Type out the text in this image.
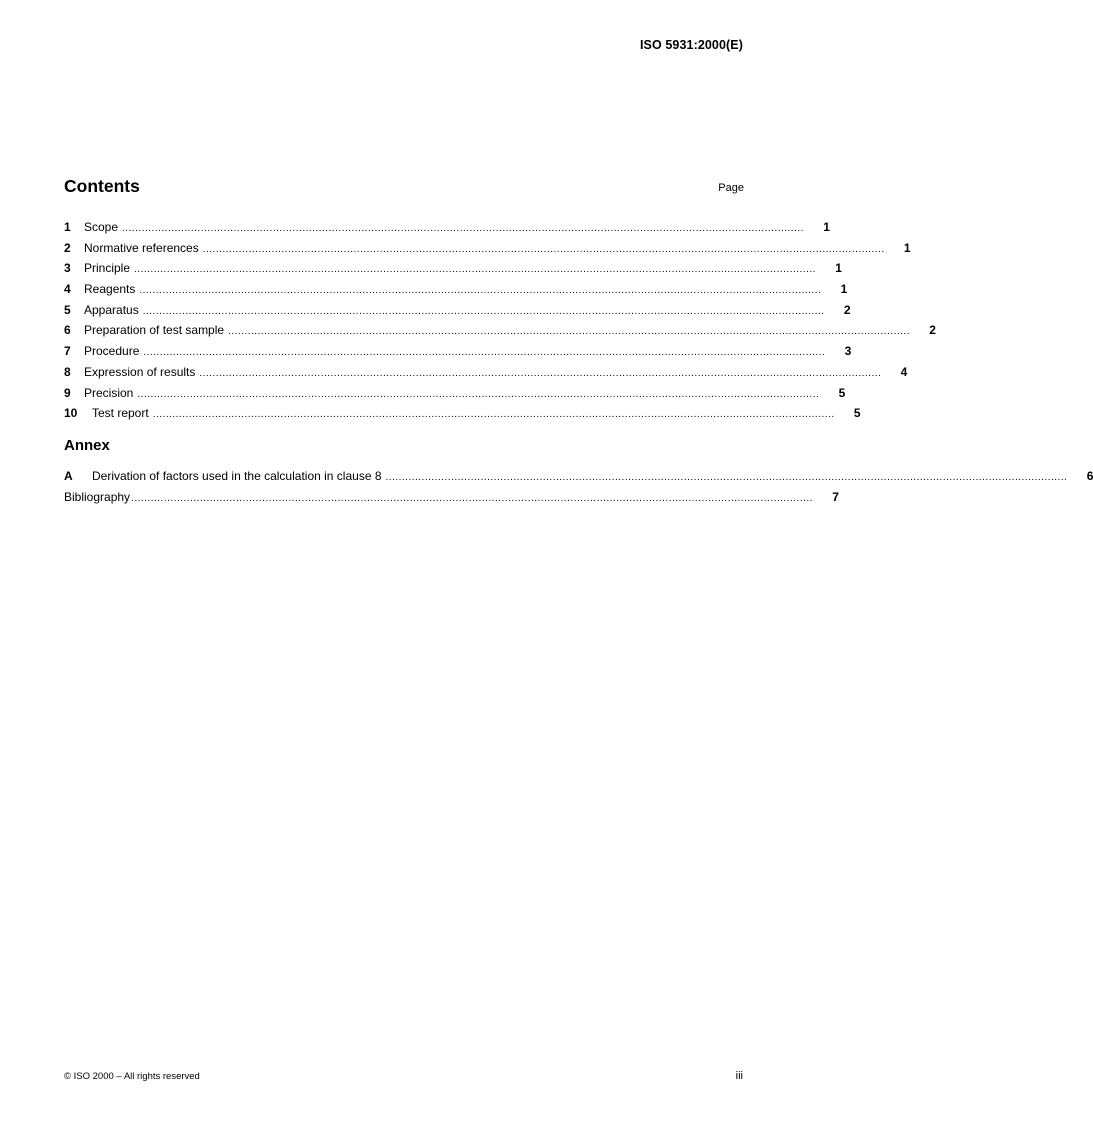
ISO 5931:2000(E)
Contents	Page
1	Scope ................................................................................................................................................................................................................	1
2	Normative references ................................................................................................................................................................................................................	1
3	Principle ................................................................................................................................................................................................................	1
4	Reagents ................................................................................................................................................................................................................	1
5	Apparatus ................................................................................................................................................................................................................	2
6	Preparation of test sample ................................................................................................................................................................................................................	2
7	Procedure ................................................................................................................................................................................................................	3
8	Expression of results ................................................................................................................................................................................................................	4
9	Precision ................................................................................................................................................................................................................	5
10	Test report ................................................................................................................................................................................................................	5
Annex
A	Derivation of factors used in the calculation in clause 8 ................................................................................................................................................................................................................	6
Bibliography ................................................................................................................................................................................................................	7
© ISO 2000 – All rights reserved	iii
